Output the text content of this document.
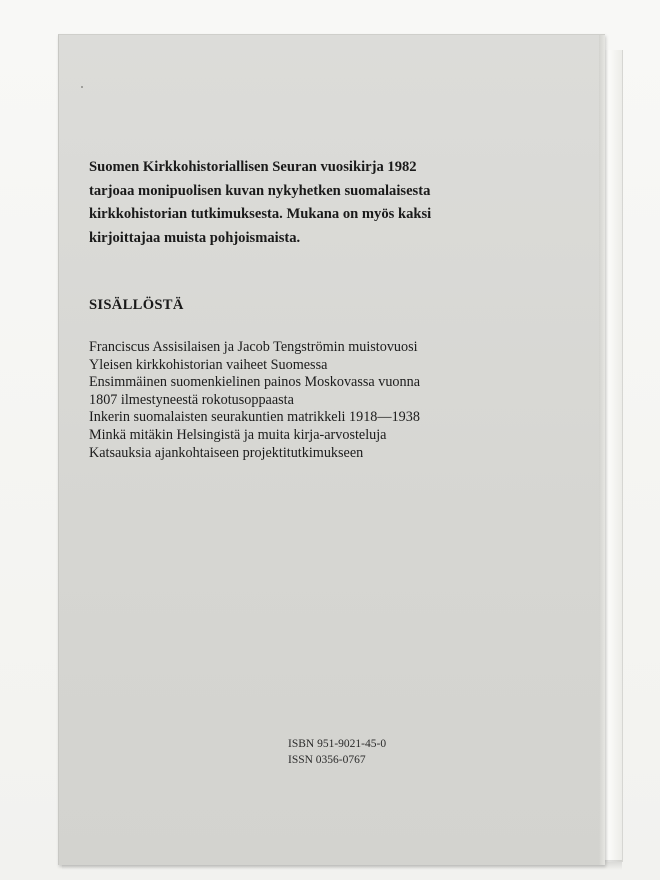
Suomen Kirkkohistoriallisen Seuran vuosikirja 1982
tarjoaa monipuolisen kuvan nykyhetken suomalaisesta
kirkkohistorian tutkimuksesta. Mukana on myös kaksi
kirjoittajaa muista pohjoismaista.

SISÄLLÖSTÄ
Franciscus Assisilaisen ja Jacob Tengströmin muistovuosi
Yleisen kirkkohistorian vaiheet Suomessa
Ensimmäinen suomenkielinen painos Moskovassa vuonna
1807 ilmestyneestä rokotusoppaasta
Inkerin suomalaisten seurakuntien matrikkeli 1918—1938
Minkä mitäkin Helsingistä ja muita kirja-arvosteluja
Katsauksia ajankohtaiseen projektitutkimukseen
ISBN 951-9021-45-0
ISSN 0356-0767
